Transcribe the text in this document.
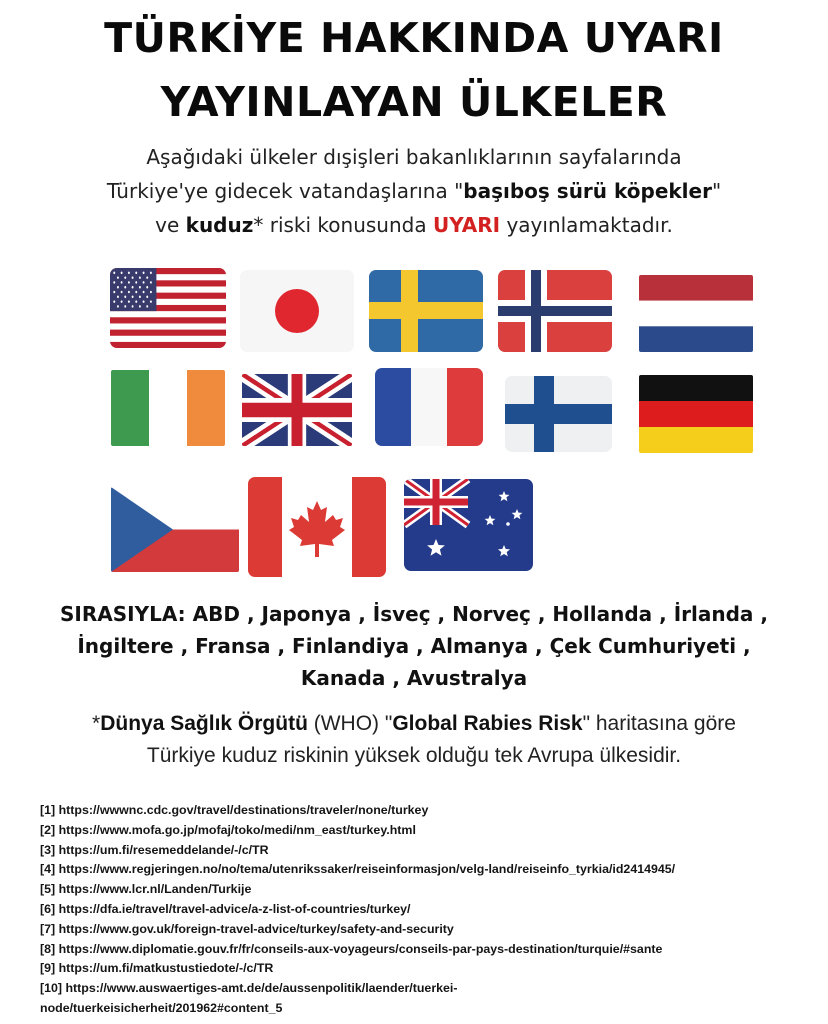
TÜRKİYE HAKKINDA UYARI
YAYINLAYAN ÜLKELER
Aşağıdaki ülkeler dışişleri bakanlıklarının sayfalarında
Türkiye'ye gidecek vatandaşlarına "başıboş sürü köpekler"
ve kuduz* riski konusunda UYARI yayınlamaktadır.
SIRASIYLA: ABD , Japonya , İsveç , Norveç , Hollanda , İrlanda ,
İngiltere , Fransa , Finlandiya , Almanya , Çek Cumhuriyeti ,
Kanada , Avustralya
*Dünya Sağlık Örgütü (WHO) "Global Rabies Risk" haritasına göre
Türkiye kuduz riskinin yüksek olduğu tek Avrupa ülkesidir.
[1] https://wwwnc.cdc.gov/travel/destinations/traveler/none/turkey
[2] https://www.mofa.go.jp/mofaj/toko/medi/nm_east/turkey.html
[3] https://um.fi/resemeddelande/-/c/TR
[4] https://www.regjeringen.no/no/tema/utenrikssaker/reiseinformasjon/velg-land/reiseinfo_tyrkia/id2414945/
[5] https://www.lcr.nl/Landen/Turkije
[6] https://dfa.ie/travel/travel-advice/a-z-list-of-countries/turkey/
[7] https://www.gov.uk/foreign-travel-advice/turkey/safety-and-security
[8] https://www.diplomatie.gouv.fr/fr/conseils-aux-voyageurs/conseils-par-pays-destination/turquie/#sante
[9] https://um.fi/matkustustiedote/-/c/TR
[10] https://www.auswaertiges-amt.de/de/aussenpolitik/laender/tuerkei-
node/tuerkeisicherheit/201962#content_5
